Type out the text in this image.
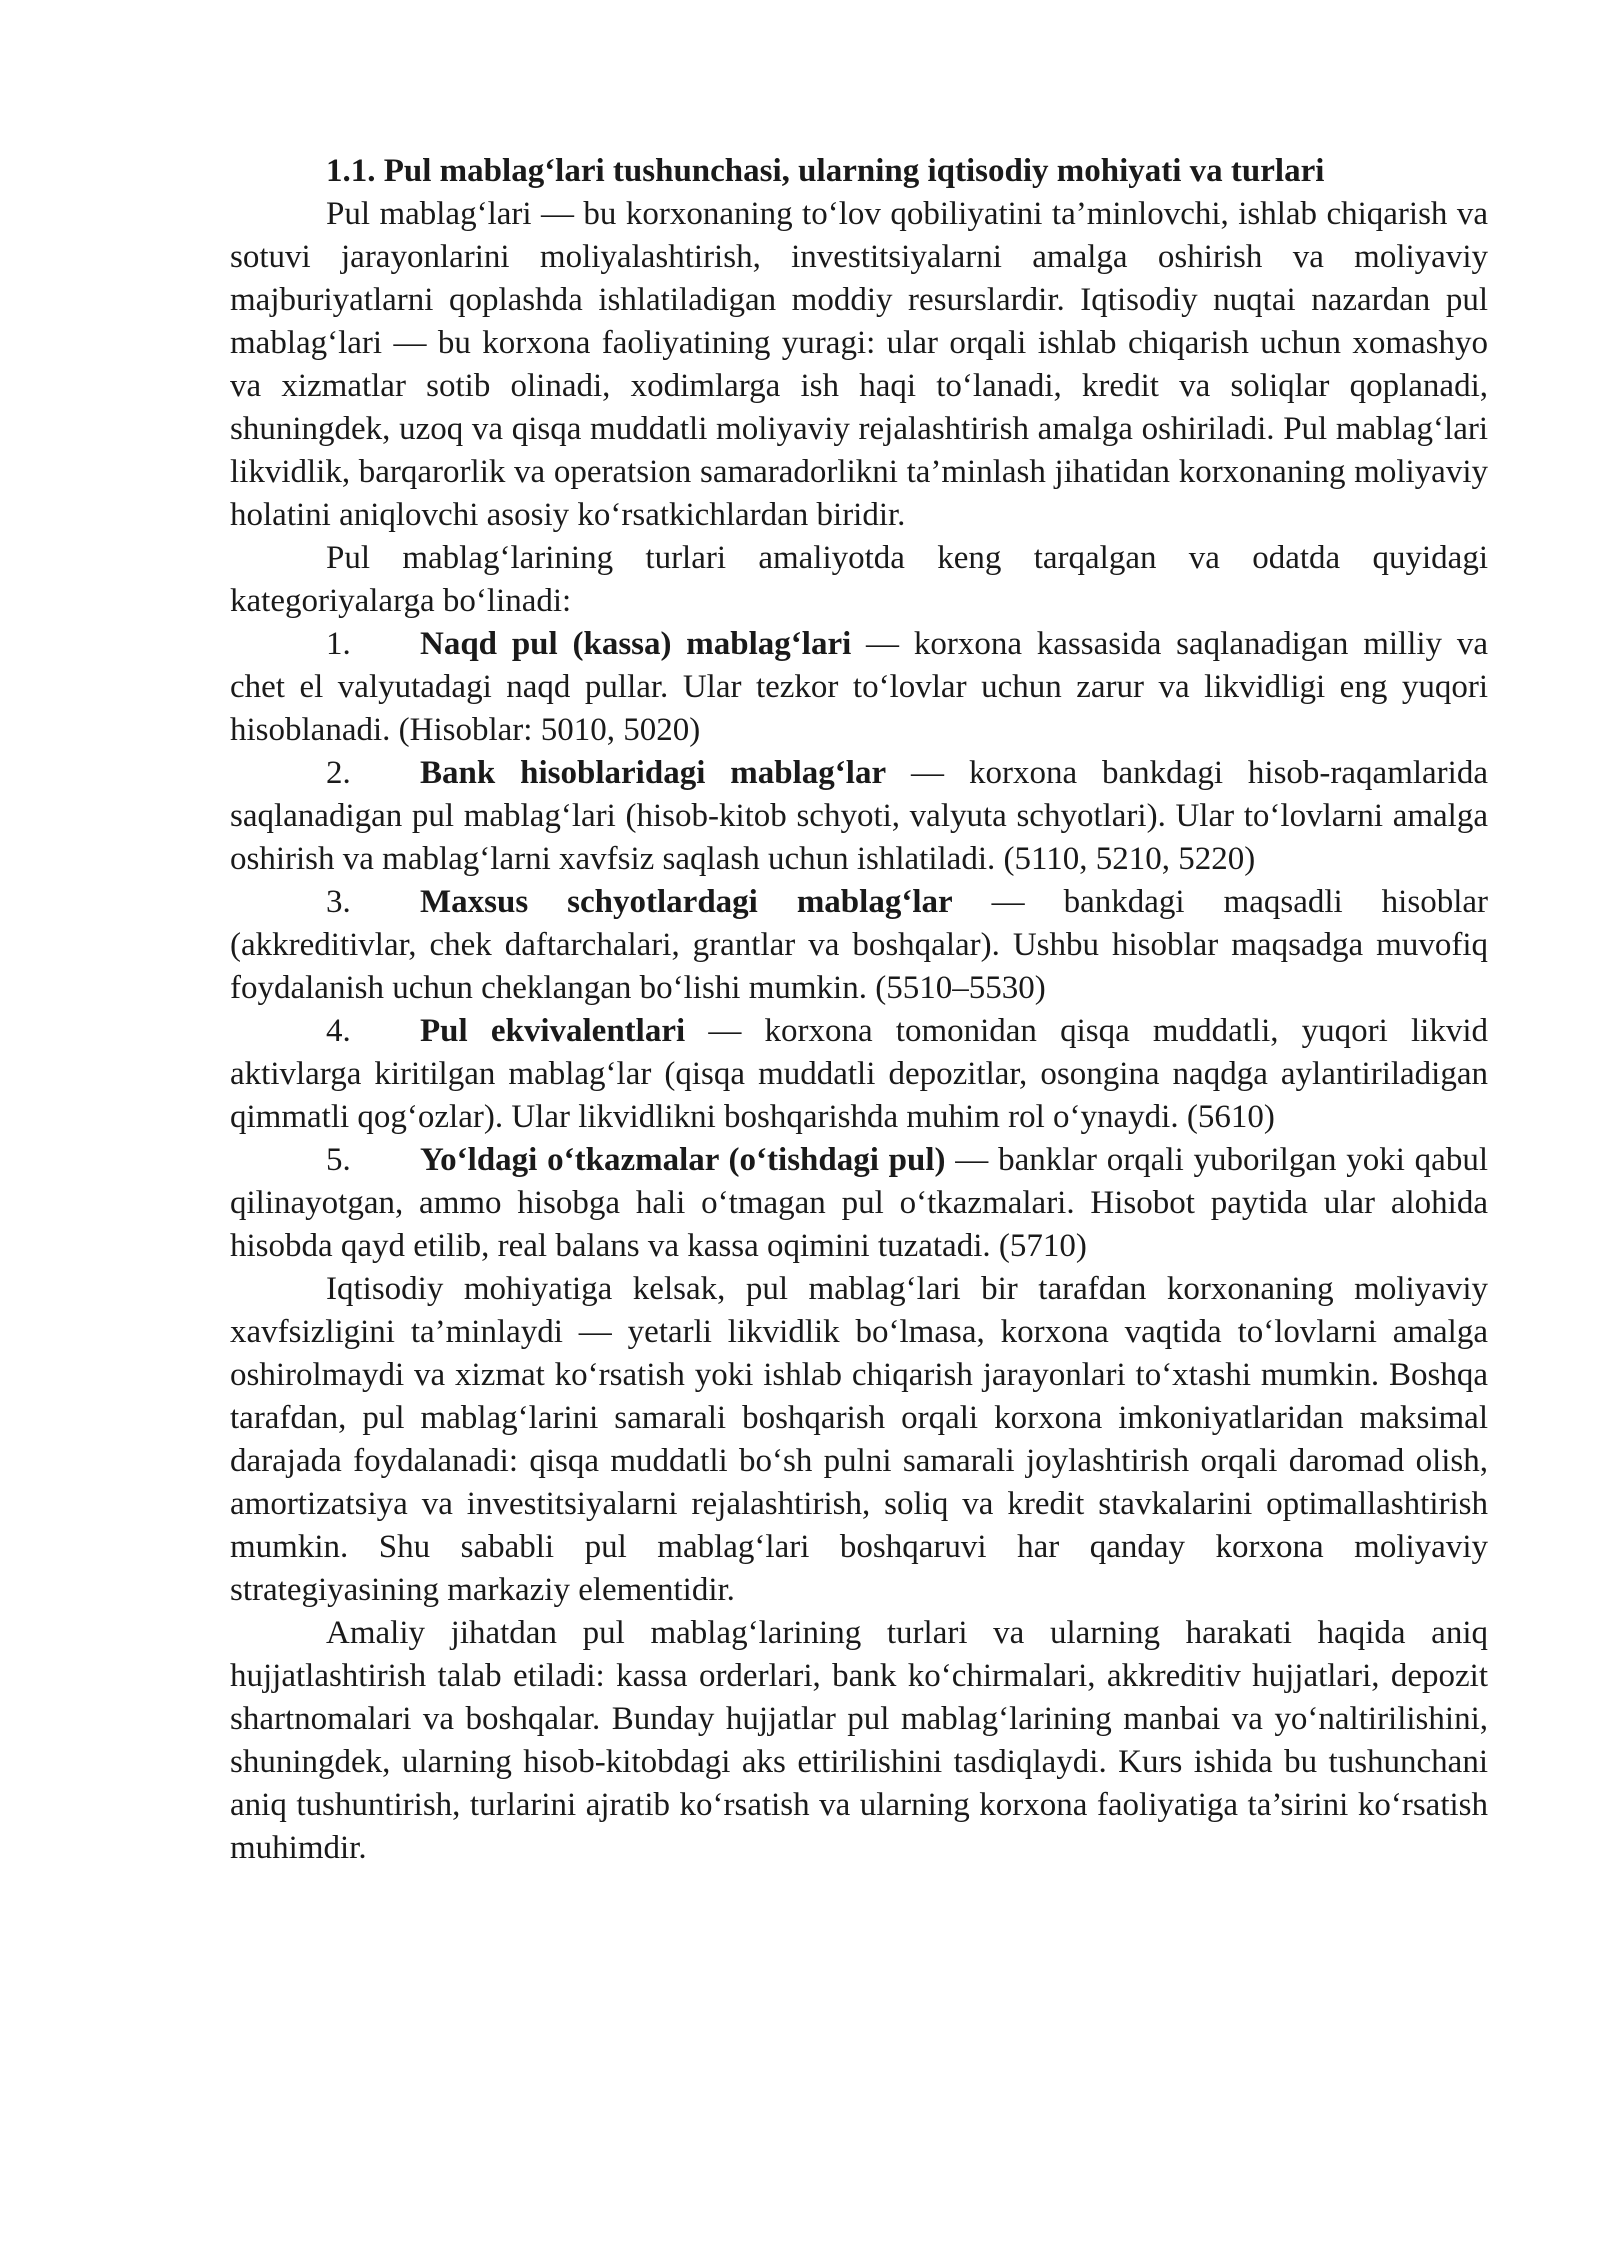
1.1. Pul mablag‘lari tushunchasi, ularning iqtisodiy mohiyati va turlari

Pul mablag‘lari — bu korxonaning to‘lov qobiliyatini ta’minlovchi, ishlab chiqarish va sotuvi jarayonlarini moliyalashtirish, investitsiyalarni amalga oshirish va moliyaviy majburiyatlarni qoplashda ishlatiladigan moddiy resurslardir. Iqtisodiy nuqtai nazardan pul mablag‘lari — bu korxona faoliyatining yuragi: ular orqali ishlab chiqarish uchun xomashyo va xizmatlar sotib olinadi, xodimlarga ish haqi to‘lanadi, kredit va soliqlar qoplanadi, shuningdek, uzoq va qisqa muddatli moliyaviy rejalashtirish amalga oshiriladi. Pul mablag‘lari likvidlik, barqarorlik va operatsion samaradorlikni ta’minlash jihatidan korxonaning moliyaviy holatini aniqlovchi asosiy ko‘rsatkichlardan biridir.

Pul mablag‘larining turlari amaliyotda keng tarqalgan va odatda quyidagi kategoriyalarga bo‘linadi:

1. Naqd pul (kassa) mablag‘lari — korxona kassasida saqlanadigan milliy va chet el valyutadagi naqd pullar. Ular tezkor to‘lovlar uchun zarur va likvidligi eng yuqori hisoblanadi. (Hisoblar: 5010, 5020)

2. Bank hisoblaridagi mablag‘lar — korxona bankdagi hisob-raqamlarida saqlanadigan pul mablag‘lari (hisob-kitob schyoti, valyuta schyotlari). Ular to‘lovlarni amalga oshirish va mablag‘larni xavfsiz saqlash uchun ishlatiladi. (5110, 5210, 5220)

3. Maxsus schyotlardagi mablag‘lar — bankdagi maqsadli hisoblar (akkreditivlar, chek daftarchalari, grantlar va boshqalar). Ushbu hisoblar maqsadga muvofiq foydalanish uchun cheklangan bo‘lishi mumkin. (5510–5530)

4. Pul ekvivalentlari — korxona tomonidan qisqa muddatli, yuqori likvid aktivlarga kiritilgan mablag‘lar (qisqa muddatli depozitlar, osongina naqdga aylantiriladigan qimmatli qog‘ozlar). Ular likvidlikni boshqarishda muhim rol o‘ynaydi. (5610)

5. Yo‘ldagi o‘tkazmalar (o‘tishdagi pul) — banklar orqali yuborilgan yoki qabul qilinayotgan, ammo hisobga hali o‘tmagan pul o‘tkazmalari. Hisobot paytida ular alohida hisobda qayd etilib, real balans va kassa oqimini tuzatadi. (5710)

Iqtisodiy mohiyatiga kelsak, pul mablag‘lari bir tarafdan korxonaning moliyaviy xavfsizligini ta’minlaydi — yetarli likvidlik bo‘lmasa, korxona vaqtida to‘lovlarni amalga oshirolmaydi va xizmat ko‘rsatish yoki ishlab chiqarish jarayonlari to‘xtashi mumkin. Boshqa tarafdan, pul mablag‘larini samarali boshqarish orqali korxona imkoniyatlaridan maksimal darajada foydalanadi: qisqa muddatli bo‘sh pulni samarali joylashtirish orqali daromad olish, amortizatsiya va investitsiyalarni rejalashtirish, soliq va kredit stavkalarini optimallashtirish mumkin. Shu sababli pul mablag‘lari boshqaruvi har qanday korxona moliyaviy strategiyasining markaziy elementidir.

Amaliy jihatdan pul mablag‘larining turlari va ularning harakati haqida aniq hujjatlashtirish talab etiladi: kassa orderlari, bank ko‘chirmalari, akkreditiv hujjatlari, depozit shartnomalari va boshqalar. Bunday hujjatlar pul mablag‘larining manbai va yo‘naltirilishini, shuningdek, ularning hisob-kitobdagi aks ettirilishini tasdiqlaydi. Kurs ishida bu tushunchani aniq tushuntirish, turlarini ajratib ko‘rsatish va ularning korxona faoliyatiga ta’sirini ko‘rsatish muhimdir.
